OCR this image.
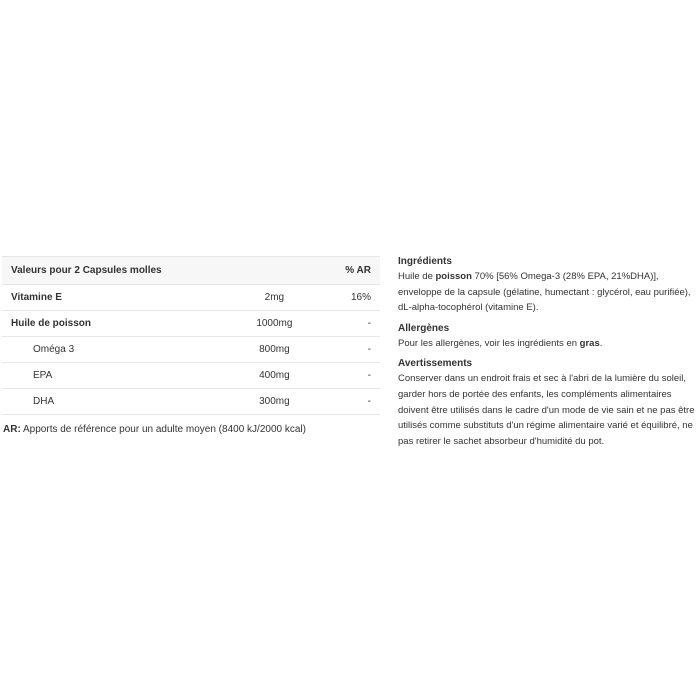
Valeurs pour 2 Capsules molles		% AR
Vitamine E	2mg	16%
Huile de poisson	1000mg	-
Oméga 3	800mg	-
EPA	400mg	-
DHA	300mg	-
AR: Apports de référence pour un adulte moyen (8400 kJ/2000 kcal)
Ingrédients

Huile de poisson 70% [56% Omega-3 (28% EPA, 21%DHA)], enveloppe de la capsule (gélatine, humectant : glycérol, eau purifiée), dL-alpha-tocophérol (vitamine E).

Allergènes

Pour les allergènes, voir les ingrédients en gras.

Avertissements

Conserver dans un endroit frais et sec à l'abri de la lumière du soleil, garder hors de portée des enfants, les compléments alimentaires doivent être utilisés dans le cadre d'un mode de vie sain et ne pas être utilisés comme substituts d'un régime alimentaire varié et équilibré, ne pas retirer le sachet absorbeur d'humidité du pot.
